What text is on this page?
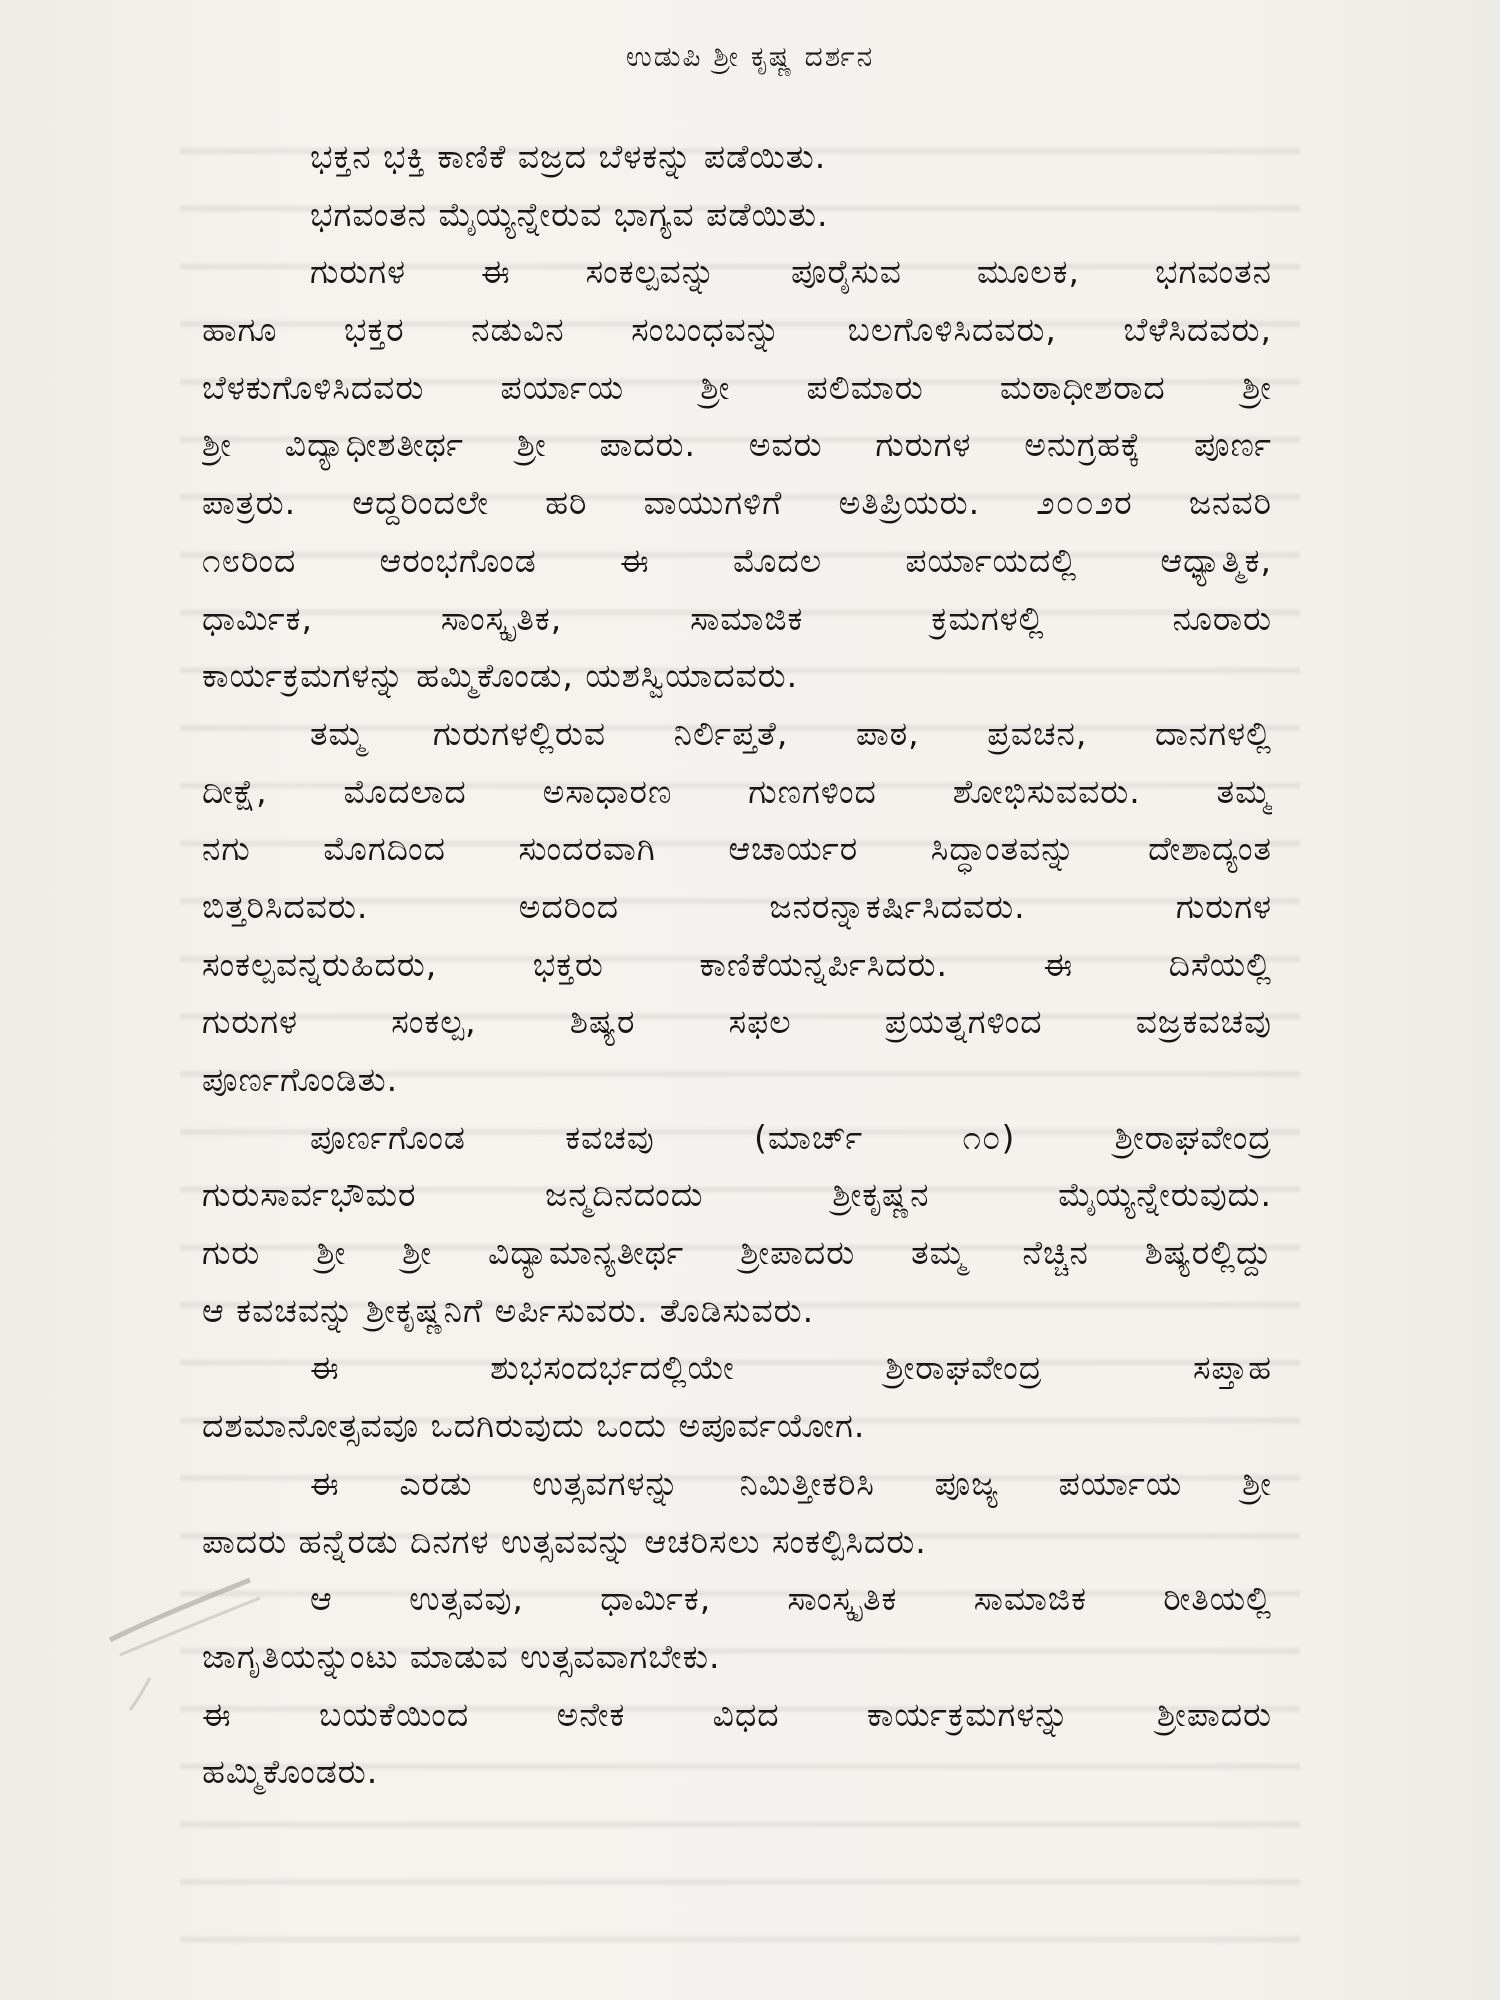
ಉಡುಪಿ ಶ್ರೀ ಕೃಷ್ಣ ದರ್ಶನ
ಭಕ್ತನ ಭಕ್ತಿ ಕಾಣಿಕೆ ವಜ್ರದ ಬೆಳಕನ್ನು ಪಡೆಯಿತು.
ಭಗವಂತನ ಮೈಯ್ಯನ್ನೇರುವ ಭಾಗ್ಯವ ಪಡೆಯಿತು.
ಗುರುಗಳ ಈ ಸಂಕಲ್ಪವನ್ನು ಪೂರೈಸುವ ಮೂಲಕ, ಭಗವಂತನ
ಹಾಗೂ ಭಕ್ತರ ನಡುವಿನ ಸಂಬಂಧವನ್ನು ಬಲಗೊಳಿಸಿದವರು, ಬೆಳೆಸಿದವರು,
ಬೆಳಕುಗೊಳಿಸಿದವರು ಪರ್ಯಾಯ ಶ್ರೀ ಪಲಿಮಾರು ಮಠಾಧೀಶರಾದ ಶ್ರೀ
ಶ್ರೀ ವಿದ್ಯಾಧೀಶತೀರ್ಥ ಶ್ರೀ ಪಾದರು. ಅವರು ಗುರುಗಳ ಅನುಗ್ರಹಕ್ಕೆ ಪೂರ್ಣ
ಪಾತ್ರರು. ಆದ್ದರಿಂದಲೇ ಹರಿ ವಾಯುಗಳಿಗೆ ಅತಿಪ್ರಿಯರು. ೨೦೦೨ರ ಜನವರಿ
೧೮ರಿಂದ ಆರಂಭಗೊಂಡ ಈ ಮೊದಲ ಪರ್ಯಾಯದಲ್ಲಿ ಆಧ್ಯಾತ್ಮಿಕ,
ಧಾರ್ಮಿಕ, ಸಾಂಸ್ಕೃತಿಕ, ಸಾಮಾಜಿಕ ಕ್ರಮಗಳಲ್ಲಿ ನೂರಾರು
ಕಾರ್ಯಕ್ರಮಗಳನ್ನು ಹಮ್ಮಿಕೊಂಡು, ಯಶಸ್ವಿಯಾದವರು.
ತಮ್ಮ ಗುರುಗಳಲ್ಲಿರುವ ನಿರ್ಲಿಪ್ತತೆ, ಪಾಠ, ಪ್ರವಚನ, ದಾನಗಳಲ್ಲಿ
ದೀಕ್ಷೆ, ಮೊದಲಾದ ಅಸಾಧಾರಣ ಗುಣಗಳಿಂದ ಶೋಭಿಸುವವರು. ತಮ್ಮ
ನಗು ಮೊಗದಿಂದ ಸುಂದರವಾಗಿ ಆಚಾರ್ಯರ ಸಿದ್ಧಾಂತವನ್ನು ದೇಶಾದ್ಯಂತ
ಬಿತ್ತರಿಸಿದವರು. ಅದರಿಂದ ಜನರನ್ನಾಕರ್ಷಿಸಿದವರು. ಗುರುಗಳ
ಸಂಕಲ್ಪವನ್ನರುಹಿದರು, ಭಕ್ತರು ಕಾಣಿಕೆಯನ್ನರ್ಪಿಸಿದರು. ಈ ದಿಸೆಯಲ್ಲಿ
ಗುರುಗಳ ಸಂಕಲ್ಪ, ಶಿಷ್ಯರ ಸಫಲ ಪ್ರಯತ್ನಗಳಿಂದ ವಜ್ರಕವಚವು
ಪೂರ್ಣಗೊಂಡಿತು.
ಪೂರ್ಣಗೊಂಡ ಕವಚವು (ಮಾರ್ಚ್ ೧೦) ಶ್ರೀರಾಘವೇಂದ್ರ
ಗುರುಸಾರ್ವಭೌಮರ ಜನ್ಮದಿನದಂದು ಶ್ರೀಕೃಷ್ಣನ ಮೈಯ್ಯನ್ನೇರುವುದು.
ಗುರು ಶ್ರೀ ಶ್ರೀ ವಿದ್ಯಾಮಾನ್ಯತೀರ್ಥ ಶ್ರೀಪಾದರು ತಮ್ಮ ನೆಚ್ಚಿನ ಶಿಷ್ಯರಲ್ಲಿದ್ದು
ಆ ಕವಚವನ್ನು ಶ್ರೀಕೃಷ್ಣನಿಗೆ ಅರ್ಪಿಸುವರು. ತೊಡಿಸುವರು.
ಈ ಶುಭಸಂದರ್ಭದಲ್ಲಿಯೇ ಶ್ರೀರಾಘವೇಂದ್ರ ಸಪ್ತಾಹ
ದಶಮಾನೋತ್ಸವವೂ ಒದಗಿರುವುದು ಒಂದು ಅಪೂರ್ವಯೋಗ.
ಈ ಎರಡು ಉತ್ಸವಗಳನ್ನು ನಿಮಿತ್ತೀಕರಿಸಿ ಪೂಜ್ಯ ಪರ್ಯಾಯ ಶ್ರೀ
ಪಾದರು ಹನ್ನೆರಡು ದಿನಗಳ ಉತ್ಸವವನ್ನು ಆಚರಿಸಲು ಸಂಕಲ್ಪಿಸಿದರು.
ಆ ಉತ್ಸವವು, ಧಾರ್ಮಿಕ, ಸಾಂಸ್ಕೃತಿಕ ಸಾಮಾಜಿಕ ರೀತಿಯಲ್ಲಿ
ಜಾಗೃತಿಯನ್ನುಂಟು ಮಾಡುವ ಉತ್ಸವವಾಗಬೇಕು.
ಈ ಬಯಕೆಯಿಂದ ಅನೇಕ ವಿಧದ ಕಾರ್ಯಕ್ರಮಗಳನ್ನು ಶ್ರೀಪಾದರು
ಹಮ್ಮಿಕೊಂಡರು.
